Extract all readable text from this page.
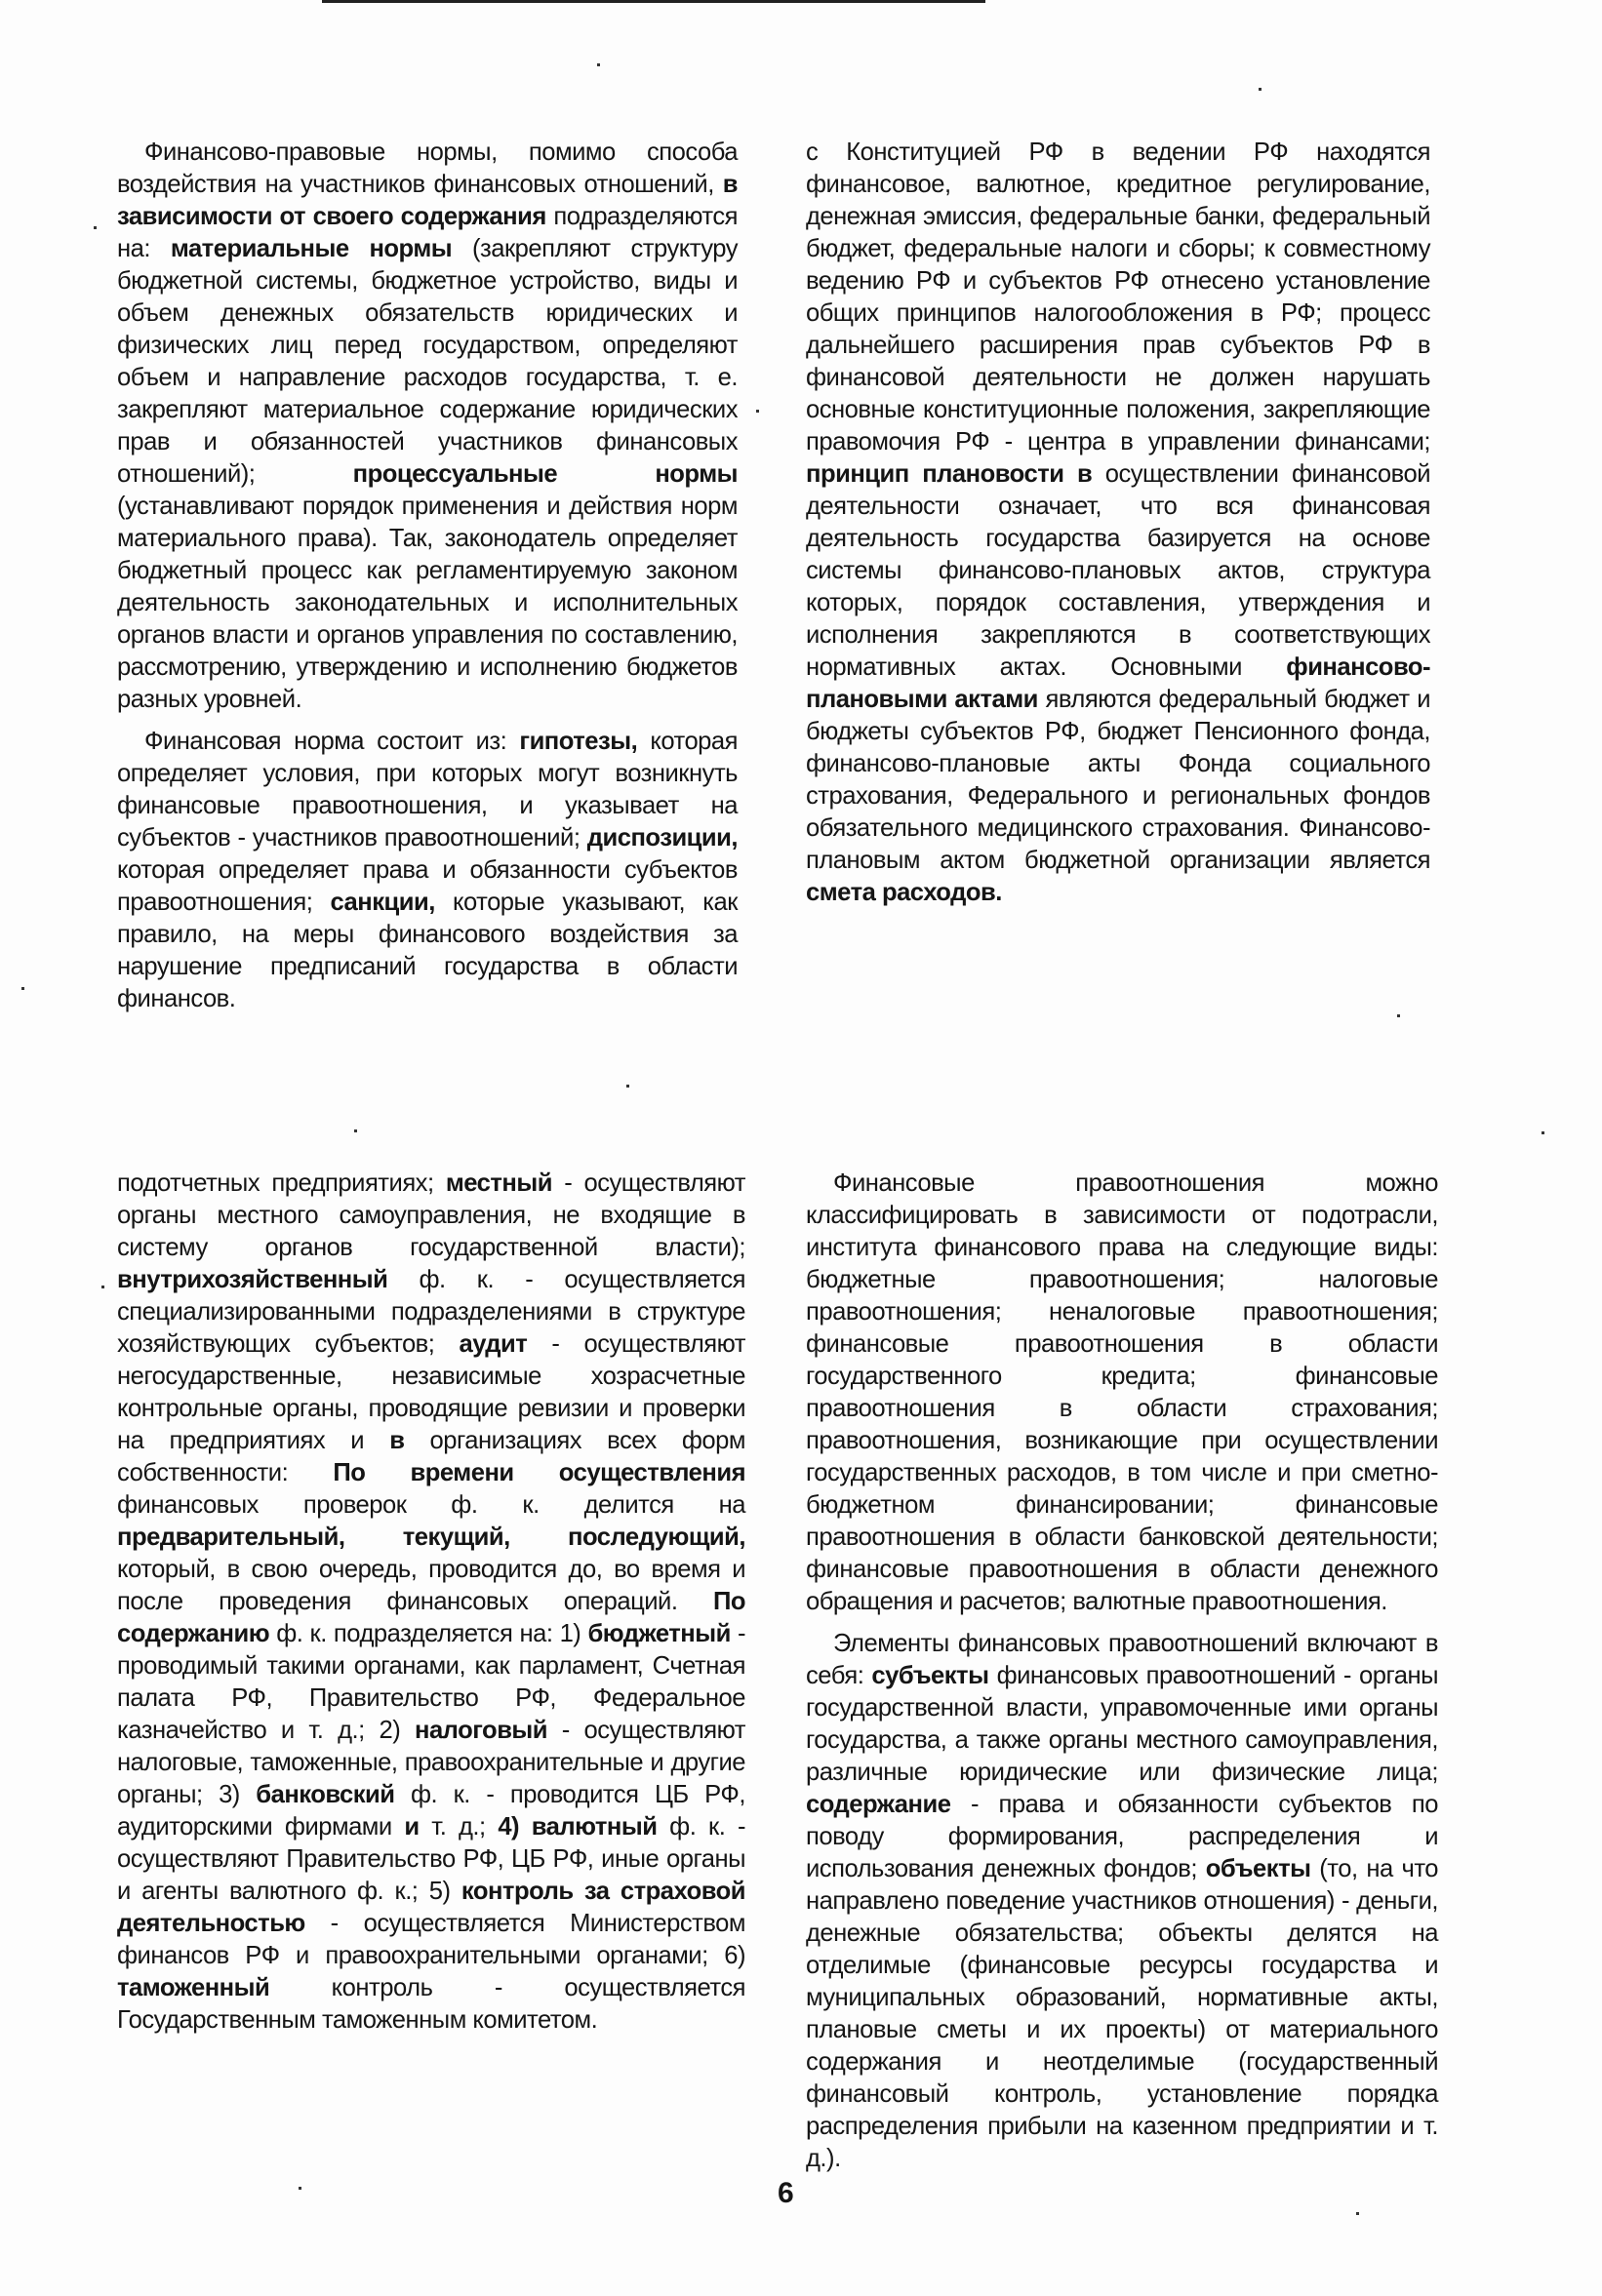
Финансово-правовые нормы, помимо способа воздействия на участников финансовых отношений, в зависимости от своего содержания подразделяются на: материальные нормы (закрепляют структуру бюджетной системы, бюджетное устройство, виды и объем денежных обязательств юридических и физических лиц перед государством, определяют объем и направление расходов государства, т. е. закрепляют материальное содержание юридических прав и обязанностей участников финансовых отношений); процессуальные нормы (устанавливают порядок применения и действия норм материального права). Так, законодатель определяет бюджетный процесс как регламентируемую законом деятельность законодательных и исполнительных органов власти и органов управления по составлению, рассмотрению, утверждению и исполнению бюджетов разных уровней.

Финансовая норма состоит из: гипотезы, которая определяет условия, при которых могут возникнуть финансовые правоотношения, и указывает на субъектов - участников правоотношений; диспозиции, которая определяет права и обязанности субъектов правоотношения; санкции, которые указывают, как правило, на меры финансового воздействия за нарушение предписаний государства в области финансов.

с Конституцией РФ в ведении РФ находятся финансовое, валютное, кредитное регулирование, денежная эмиссия, федеральные банки, федеральный бюджет, федеральные налоги и сборы; к совместному ведению РФ и субъектов РФ отнесено установление общих принципов налогообложения в РФ; процесс дальнейшего расширения прав субъектов РФ в финансовой деятельности не должен нарушать основные конституционные положения, закрепляющие правомочия РФ - центра в управлении финансами; принцип плановости в осуществлении финансовой деятельности означает, что вся финансовая деятельность государства базируется на основе системы финансово-плановых актов, структура которых, порядок составления, утверждения и исполнения закрепляются в соответствующих нормативных актах. Основными финансово-плановыми актами являются федеральный бюджет и бюджеты субъектов РФ, бюджет Пенсионного фонда, финансово-плановые акты Фонда социального страхования, Федерального и региональных фондов обязательного медицинского страхования. Финансово-плановым актом бюджетной организации является смета расходов.

подотчетных предприятиях; местный - осуществляют органы местного самоуправления, не входящие в систему органов государственной власти); внутрихозяйственный ф. к. - осуществляется специализированными подразделениями в структуре хозяйствующих субъектов; аудит - осуществляют негосударственные, независимые хозрасчетные контрольные органы, проводящие ревизии и проверки на предприятиях и в организациях всех форм собственности: По времени осуществления финансовых проверок ф. к. делится на предварительный, текущий, последующий, который, в свою очередь, проводится до, во время и после проведения финансовых операций. По содержанию ф. к. подразделяется на: 1) бюджетный - проводимый такими органами, как парламент, Счетная палата РФ, Правительство РФ, Федеральное казначейство и т. д.; 2) налоговый - осуществляют налоговые, таможенные, правоохранительные и другие органы; 3) банковский ф. к. - проводится ЦБ РФ, аудиторскими фирмами и т. д.; 4) валютный ф. к. - осуществляют Правительство РФ, ЦБ РФ, иные органы и агенты валютного ф. к.; 5) контроль за страховой деятельностью - осуществляется Министерством финансов РФ и правоохранительными органами; 6) таможенный контроль - осуществляется Государственным таможенным комитетом.

Финансовые правоотношения можно классифицировать в зависимости от подотрасли, института финансового права на следующие виды: бюджетные правоотношения; налоговые правоотношения; неналоговые правоотношения; финансовые правоотношения в области государственного кредита; финансовые правоотношения в области страхования; правоотношения, возникающие при осуществлении государственных расходов, в том числе и при сметно-бюджетном финансировании; финансовые правоотношения в области банковской деятельности; финансовые правоотношения в области денежного обращения и расчетов; валютные правоотношения.

Элементы финансовых правоотношений включают в себя: субъекты финансовых правоотношений - органы государственной власти, управомоченные ими органы государства, а также органы местного самоуправления, различные юридические или физические лица; содержание - права и обязанности субъектов по поводу формирования, распределения и использования денежных фондов; объекты (то, на что направлено поведение участников отношения) - деньги, денежные обязательства; объекты делятся на отделимые (финансовые ресурсы государства и муниципальных образований, нормативные акты, плановые сметы и их проекты) от материального содержания и неотделимые (государственный финансовый контроль, установление порядка распределения прибыли на казенном предприятии и т. д.).

6
